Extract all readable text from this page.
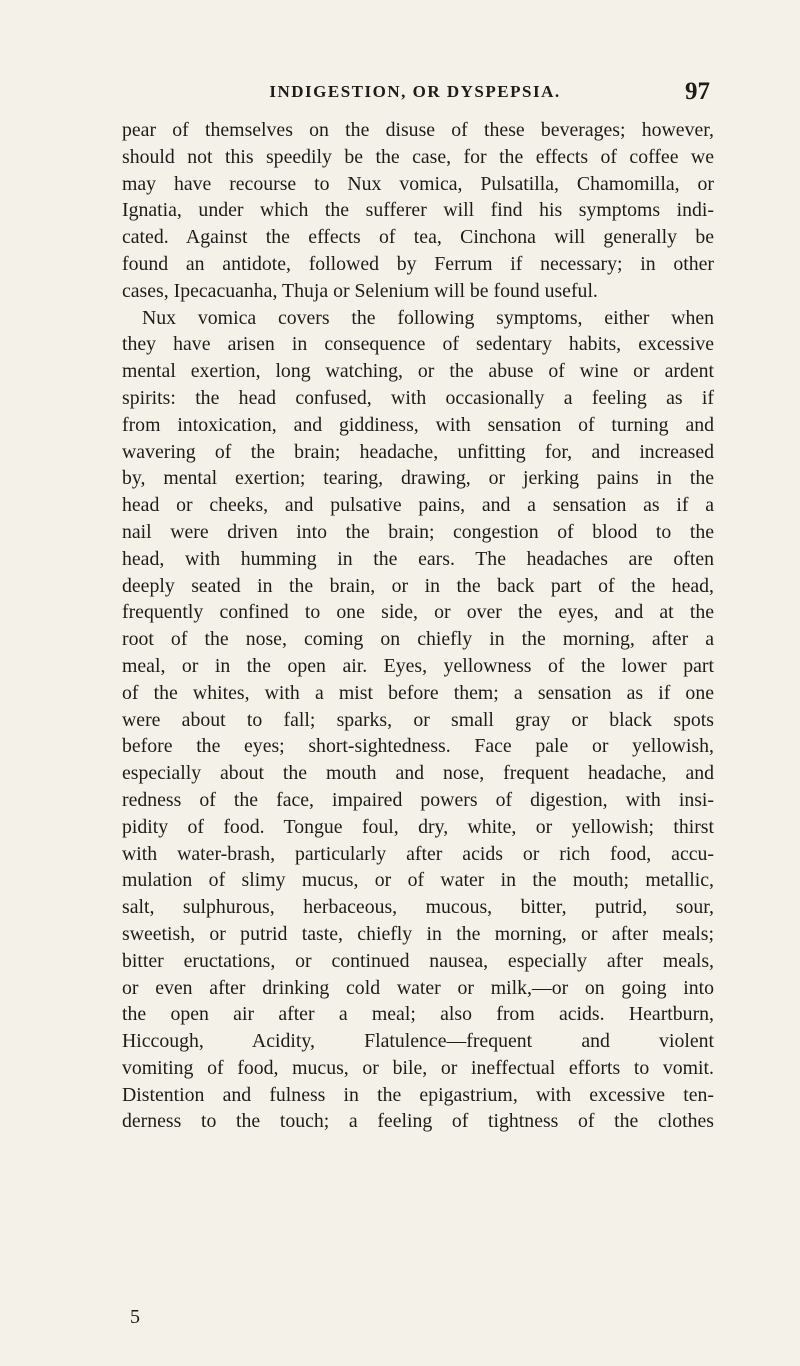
INDIGESTION, OR DYSPEPSIA.	97
pear of themselves on the disuse of these beverages; however,
should not this speedily be the case, for the effects of coffee we
may have recourse to Nux vomica, Pulsatilla, Chamomilla, or
Ignatia, under which the sufferer will find his symptoms indi-
cated. Against the effects of tea, Cinchona will generally be
found an antidote, followed by Ferrum if necessary; in other
cases, Ipecacuanha, Thuja or Selenium will be found useful.
Nux vomica covers the following symptoms, either when
they have arisen in consequence of sedentary habits, excessive
mental exertion, long watching, or the abuse of wine or ardent
spirits: the head confused, with occasionally a feeling as if
from intoxication, and giddiness, with sensation of turning and
wavering of the brain; headache, unfitting for, and increased
by, mental exertion; tearing, drawing, or jerking pains in the
head or cheeks, and pulsative pains, and a sensation as if a
nail were driven into the brain; congestion of blood to the
head, with humming in the ears. The headaches are often
deeply seated in the brain, or in the back part of the head,
frequently confined to one side, or over the eyes, and at the
root of the nose, coming on chiefly in the morning, after a
meal, or in the open air. Eyes, yellowness of the lower part
of the whites, with a mist before them; a sensation as if one
were about to fall; sparks, or small gray or black spots
before the eyes; short-sightedness. Face pale or yellowish,
especially about the mouth and nose, frequent headache, and
redness of the face, impaired powers of digestion, with insi-
pidity of food. Tongue foul, dry, white, or yellowish; thirst
with water-brash, particularly after acids or rich food, accu-
mulation of slimy mucus, or of water in the mouth; metallic,
salt, sulphurous, herbaceous, mucous, bitter, putrid, sour,
sweetish, or putrid taste, chiefly in the morning, or after meals;
bitter eructations, or continued nausea, especially after meals,
or even after drinking cold water or milk,—or on going into
the open air after a meal; also from acids. Heartburn,
Hiccough, Acidity, Flatulence—frequent and violent
vomiting of food, mucus, or bile, or ineffectual efforts to vomit.
Distention and fulness in the epigastrium, with excessive ten-
derness to the touch; a feeling of tightness of the clothes
5
